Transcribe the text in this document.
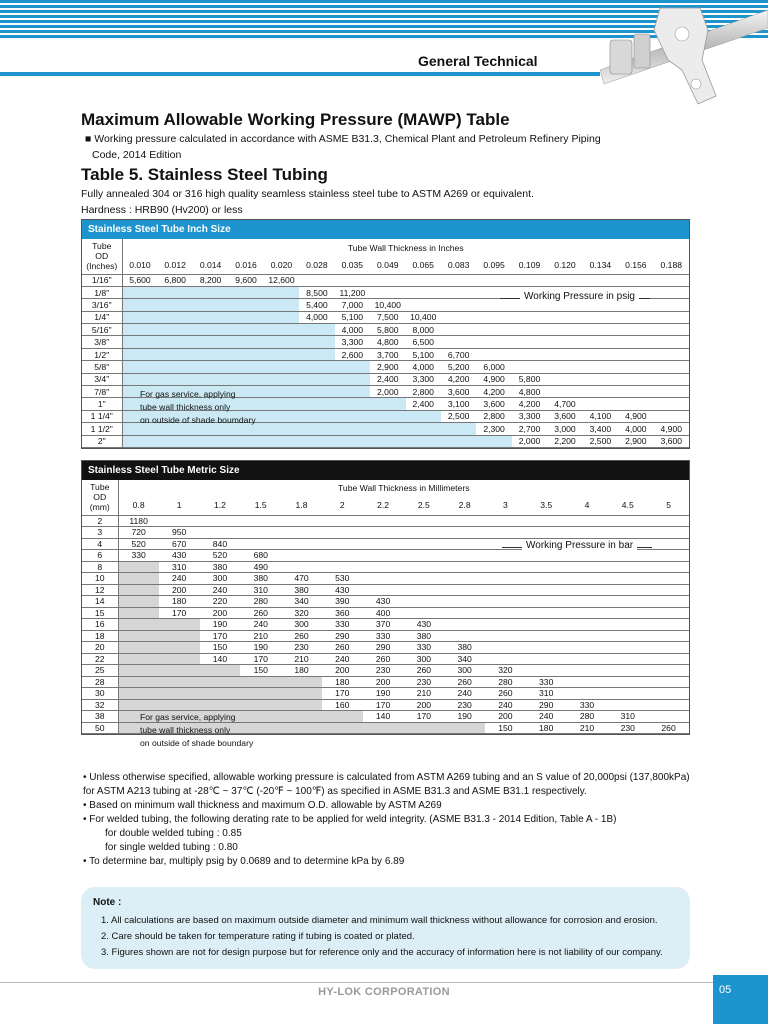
General Technical
Maximum Allowable Working Pressure (MAWP) Table
■ Working pressure calculated in accordance with ASME B31.3, Chemical Plant and Petroleum Refinery Piping
Code, 2014 Edition
Table 5. Stainless Steel Tubing
Fully annealed 304 or 316 high quality seamless stainless steel tube to ASTM A269 or equivalent.
Hardness : HRB90 (Hv200) or less
Stainless Steel Tube Inch Size
Tube
OD
(Inches)	Tube Wall Thickness in Inches															
	0.010	0.012	0.014	0.016	0.020	0.028	0.035	0.049	0.065	0.083	0.095	0.109	0.120	0.134	0.156	0.188
1/16"	5,600	6,800	8,200	9,600	12,600											
1/8"						8,500	11,200									
3/16"						5,400	7,000	10,400								
1/4"						4,000	5,100	7,500	10,400							
5/16"							4,000	5,800	8,000							
3/8"							3,300	4,800	6,500							
1/2"							2,600	3,700	5,100	6,700						
5/8"								2,900	4,000	5,200	6,000					
3/4"								2,400	3,300	4,200	4,900	5,800				
7/8"								2,000	2,800	3,600	4,200	4,800				
1"									2,400	3,100	3,600	4,200	4,700			
1 1/4"										2,500	2,800	3,300	3,600	4,100	4,900	
1 1/2"											2,300	2,700	3,000	3,400	4,000	4,900
2"												2,000	2,200	2,500	2,900	3,600
Working Pressure in psig
For gas service, applying
tube wall thickness only
on outside of shade boumdary
Stainless Steel Tube Metric Size
Tube
OD
(mm)	Tube Wall Thickness in Millimeters													
	0.8	1	1.2	1.5	1.8	2	2.2	2.5	2.8	3	3.5	4	4.5	5
2	1180													
3	720	950												
4	520	670	840											
6	330	430	520	680										
8		310	380	490										
10		240	300	380	470	530								
12		200	240	310	380	430								
14		180	220	280	340	390	430							
15		170	200	260	320	360	400							
16			190	240	300	330	370	430						
18			170	210	260	290	330	380						
20			150	190	230	260	290	330	380					
22			140	170	210	240	260	300	340					
25				150	180	200	230	260	300	320				
28						180	200	230	260	280	330			
30						170	190	210	240	260	310			
32						160	170	200	230	240	290	330		
38							140	170	190	200	240	280	310	
50										150	180	210	230	260
Working Pressure in bar
For gas service, applying
tube wall thickness only
on outside of shade boundary
• Unless otherwise specified, allowable working pressure is calculated from ASTM A269 tubing and an S value of 20,000psi (137,800kPa)
for ASTM A213 tubing at -28℃ ~ 37℃ (-20℉ ~ 100℉) as specified in ASME B31.3 and ASME B31.1 respectively.
• Based on minimum wall thickness and maximum O.D. allowable by ASTM A269
• For welded tubing, the following derating rate to be applied for weld integrity. (ASME B31.3 - 2014 Edition, Table A - 1B)
for double welded tubing : 0.85
for single welded tubing : 0.80
• To determine bar, multiply psig by 0.0689 and to determine kPa by 6.89
Note :
1. All calculations are based on maximum outside diameter and minimum wall thickness without allowance for corrosion and erosion.
2. Care should be taken for temperature rating if tubing is coated or plated.
3. Figures shown are not for design purpose but for reference only and the accuracy of information here is not liability of our company.
HY-LOK CORPORATION	05
